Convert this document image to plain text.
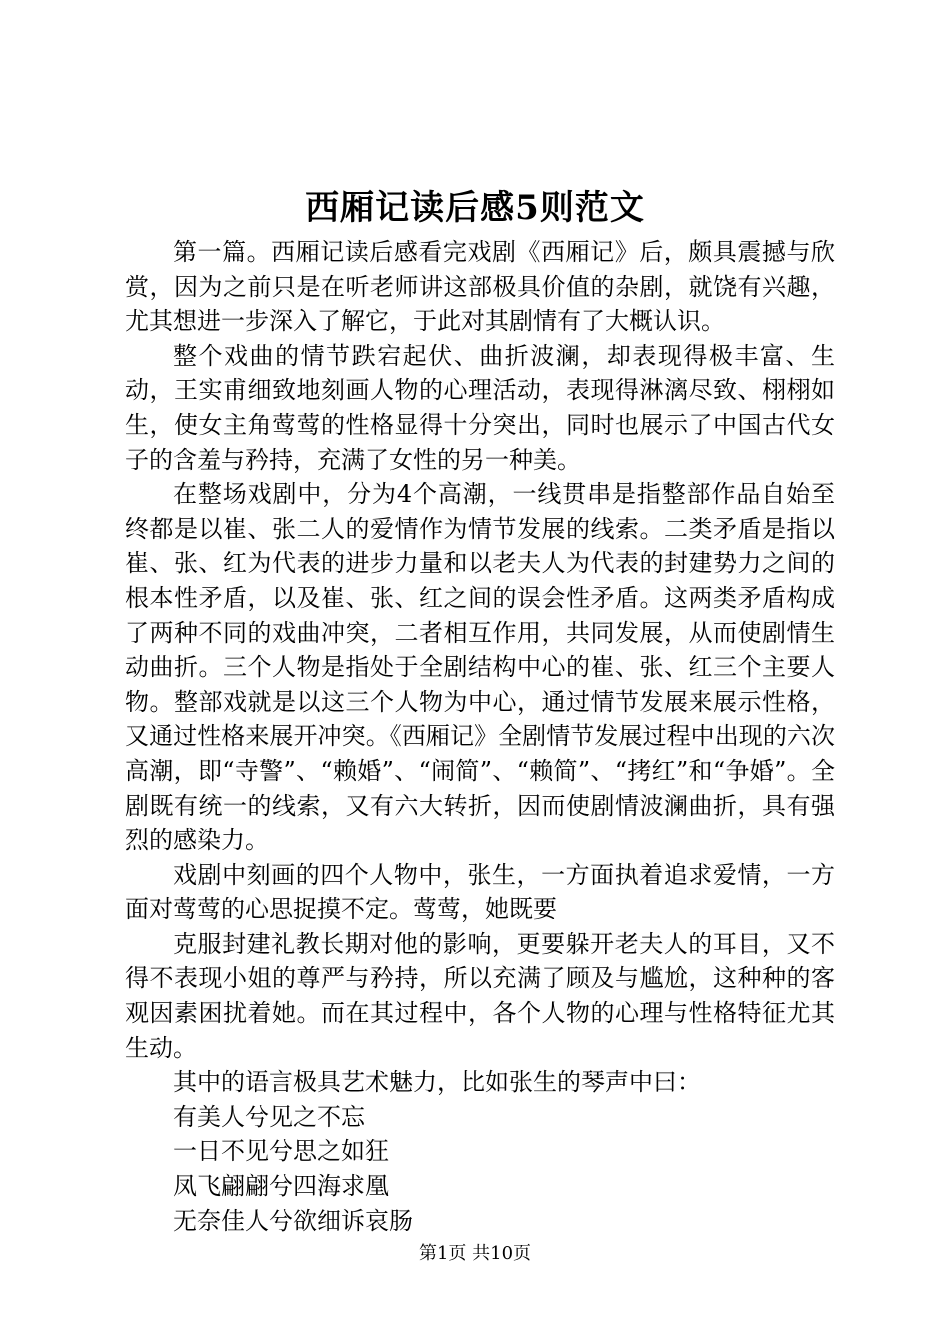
西厢记读后感5则范文

第一篇。西厢记读后感看完戏剧《西厢记》后，颇具震撼与欣赏，因为之前只是在听老师讲这部极具价值的杂剧，就饶有兴趣，尤其想进一步深入了解它，于此对其剧情有了大概认识。

整个戏曲的情节跌宕起伏、曲折波澜，却表现得极丰富、生动，王实甫细致地刻画人物的心理活动，表现得淋漓尽致、栩栩如生，使女主角莺莺的性格显得十分突出，同时也展示了中国古代女子的含羞与矜持，充满了女性的另一种美。

在整场戏剧中，分为4个高潮，一线贯串是指整部作品自始至终都是以崔、张二人的爱情作为情节发展的线索。二类矛盾是指以崔、张、红为代表的进步力量和以老夫人为代表的封建势力之间的根本性矛盾，以及崔、张、红之间的误会性矛盾。这两类矛盾构成了两种不同的戏曲冲突，二者相互作用，共同发展，从而使剧情生动曲折。三个人物是指处于全剧结构中心的崔、张、红三个主要人物。整部戏就是以这三个人物为中心，通过情节发展来展示性格，又通过性格来展开冲突。《西厢记》全剧情节发展过程中出现的六次高潮，即“寺警”、“赖婚”、“闹简”、“赖简”、“拷红”和“争婚”。全剧既有统一的线索，又有六大转折，因而使剧情波澜曲折，具有强烈的感染力。

戏剧中刻画的四个人物中，张生，一方面执着追求爱情，一方面对莺莺的心思捉摸不定。莺莺，她既要

克服封建礼教长期对他的影响，更要躲开老夫人的耳目，又不得不表现小姐的尊严与矜持，所以充满了顾及与尴尬，这种种的客观因素困扰着她。而在其过程中，各个人物的心理与性格特征尤其生动。

其中的语言极具艺术魅力，比如张生的琴声中曰：

有美人兮见之不忘

一日不见兮思之如狂

凤飞翩翩兮四海求凰

无奈佳人兮欲细诉哀肠

第1页 共10页
